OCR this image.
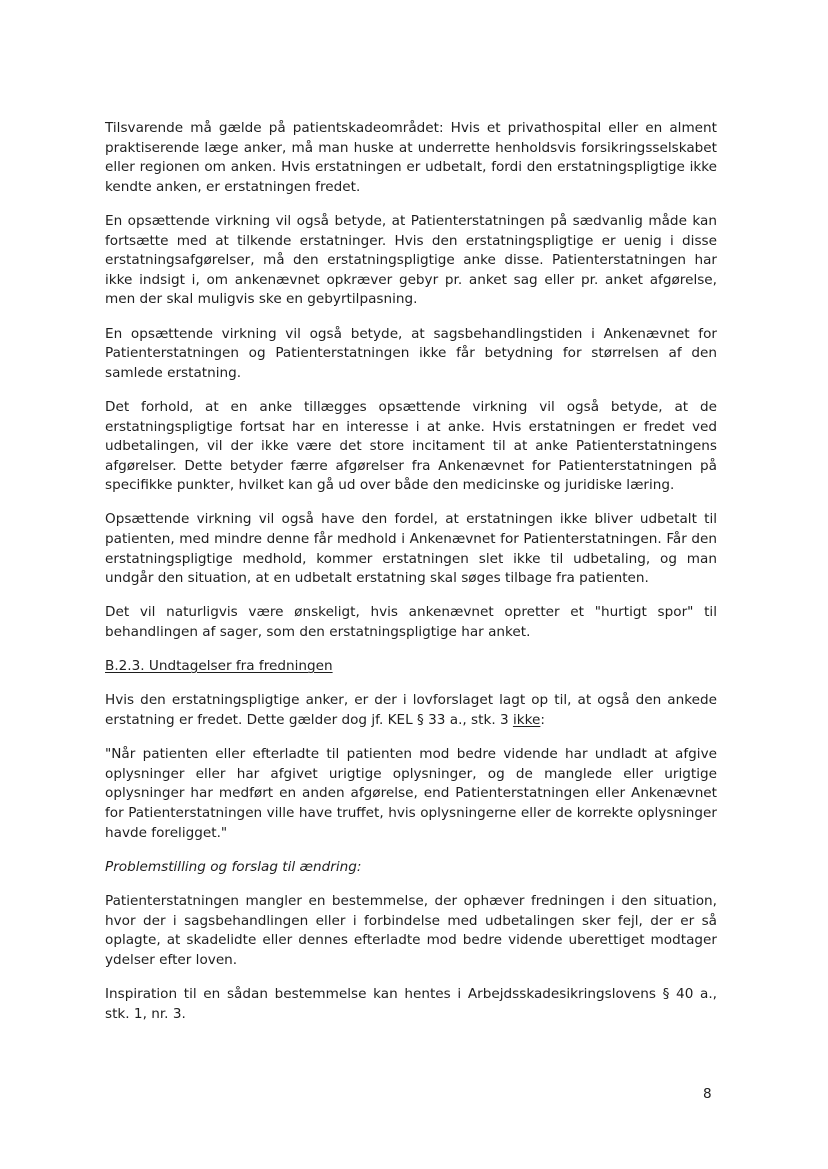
Tilsvarende må gælde på patientskadeområdet: Hvis et privathospital eller en alment praktiserende læge anker, må man huske at underrette henholdsvis forsikringsselskabet eller regionen om anken. Hvis erstatningen er udbetalt, fordi den erstatningspligtige ikke kendte anken, er erstatningen fredet.

En opsættende virkning vil også betyde, at Patienterstatningen på sædvanlig måde kan fortsætte med at tilkende erstatninger. Hvis den erstatningspligtige er uenig i disse erstatningsafgørelser, må den erstatningspligtige anke disse. Patienterstatningen har ikke indsigt i, om ankenævnet opkræver gebyr pr. anket sag eller pr. anket afgørelse, men der skal muligvis ske en gebyrtilpasning.

En opsættende virkning vil også betyde, at sagsbehandlingstiden i Ankenævnet for Patienterstatningen og Patienterstatningen ikke får betydning for størrelsen af den samlede erstatning.

Det forhold, at en anke tillægges opsættende virkning vil også betyde, at de erstatningspligtige fortsat har en interesse i at anke. Hvis erstatningen er fredet ved udbetalingen, vil der ikke være det store incitament til at anke Patienterstatningens afgørelser. Dette betyder færre afgørelser fra Ankenævnet for Patienterstatningen på specifikke punkter, hvilket kan gå ud over både den medicinske og juridiske læring.

Opsættende virkning vil også have den fordel, at erstatningen ikke bliver udbetalt til patienten, med mindre denne får medhold i Ankenævnet for Patienterstatningen. Får den erstatningspligtige medhold, kommer erstatningen slet ikke til udbetaling, og man undgår den situation, at en udbetalt erstatning skal søges tilbage fra patienten.

Det vil naturligvis være ønskeligt, hvis ankenævnet opretter et "hurtigt spor" til behandlingen af sager, som den erstatningspligtige har anket.

B.2.3. Undtagelser fra fredningen

Hvis den erstatningspligtige anker, er der i lovforslaget lagt op til, at også den ankede erstatning er fredet. Dette gælder dog jf. KEL § 33 a., stk. 3 ikke:

"Når patienten eller efterladte til patienten mod bedre vidende har undladt at afgive oplysninger eller har afgivet urigtige oplysninger, og de manglede eller urigtige oplysninger har medført en anden afgørelse, end Patienterstatningen eller Ankenævnet for Patienterstatningen ville have truffet, hvis oplysningerne eller de korrekte oplysninger havde foreligget."

Problemstilling og forslag til ændring:

Patienterstatningen mangler en bestemmelse, der ophæver fredningen i den situation, hvor der i sagsbehandlingen eller i forbindelse med udbetalingen sker fejl, der er så oplagte, at skadelidte eller dennes efterladte mod bedre vidende uberettiget modtager ydelser efter loven.

Inspiration til en sådan bestemmelse kan hentes i Arbejdsskadesikringslovens § 40 a., stk. 1, nr. 3.

8
